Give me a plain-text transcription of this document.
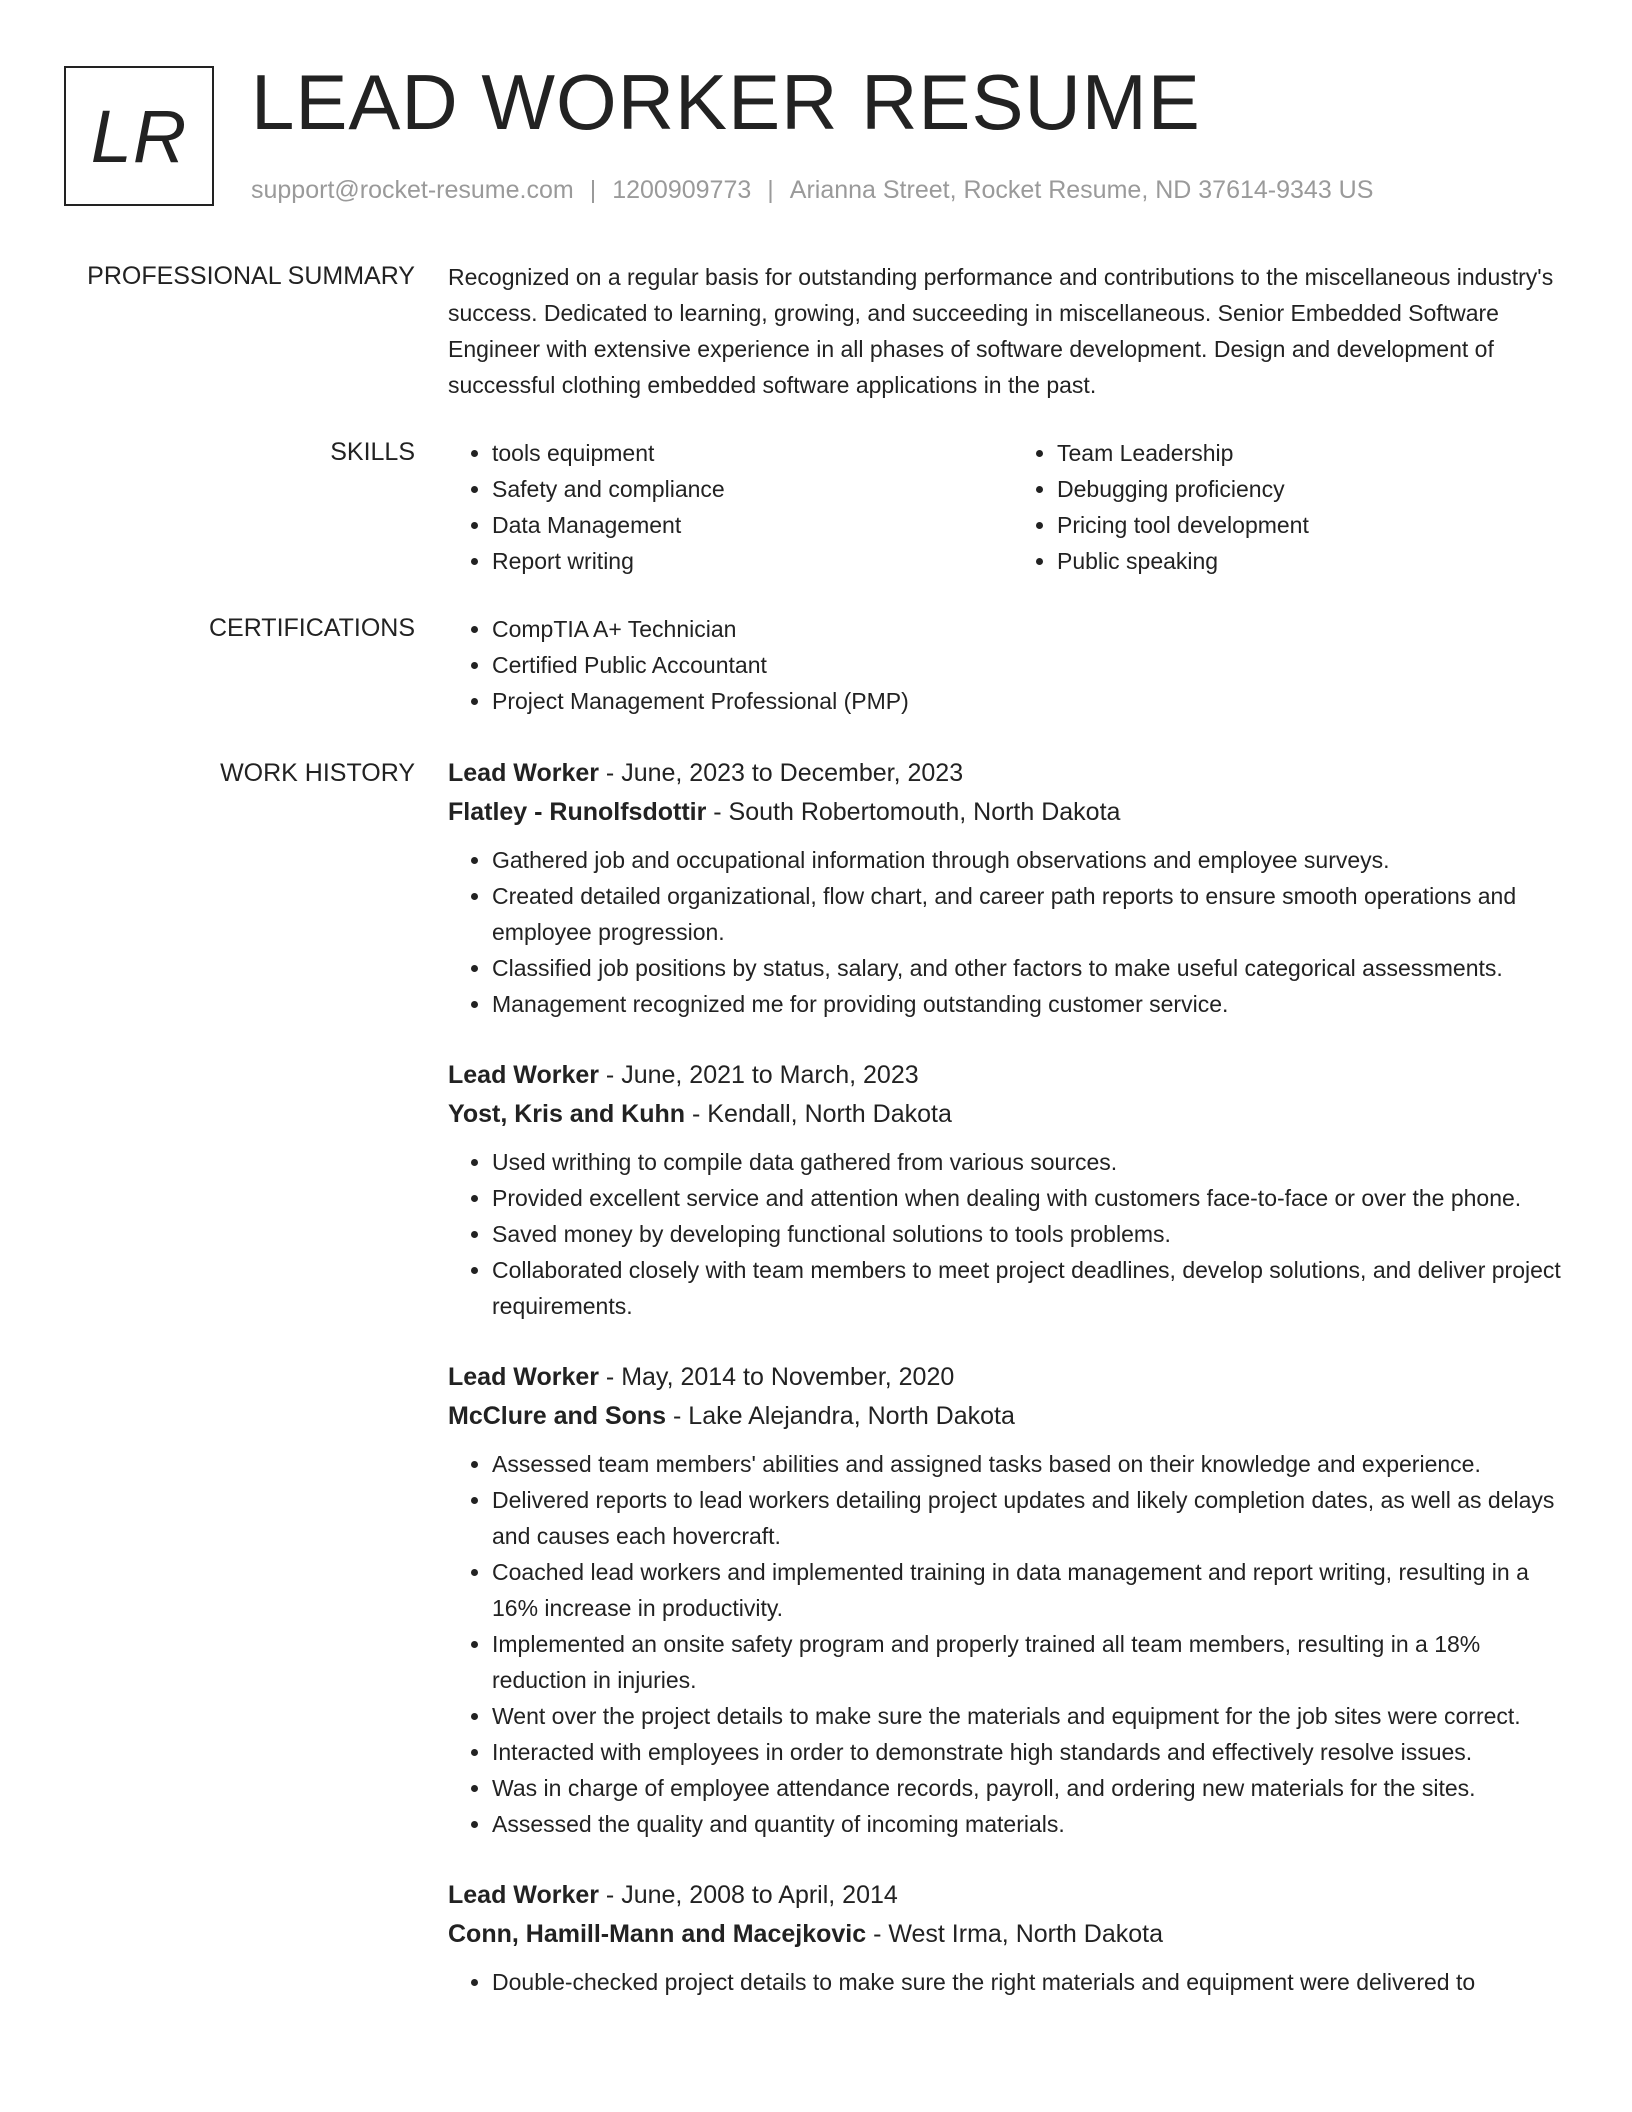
LR LEAD WORKER RESUME
support@rocket-resume.com | 1200909773 | Arianna Street, Rocket Resume, ND 37614-9343 US
PROFESSIONAL SUMMARY Recognized on a regular basis for outstanding performance and contributions to the miscellaneous industry's success. Dedicated to learning, growing, and succeeding in miscellaneous. Senior Embedded Software Engineer with extensive experience in all phases of software development. Design and development of successful clothing embedded software applications in the past.

SKILLS	• tools equipment
• Safety and compliance
• Data Management
• Report writing
• Team Leadership
• Debugging proficiency
• Pricing tool development
• Public speaking
CERTIFICATIONS	• CompTIA A+ Technician
• Certified Public Accountant
• Project Management Professional (PMP)
WORK HISTORY Lead Worker - June, 2023 to December, 2023
Flatley - Runolfsdottir - South Robertomouth, North Dakota
• Gathered job and occupational information through observations and employee surveys.
• Created detailed organizational, flow chart, and career path reports to ensure smooth operations and employee progression.
• Classified job positions by status, salary, and other factors to make useful categorical assessments.
• Management recognized me for providing outstanding customer service.
Lead Worker - June, 2021 to March, 2023
Yost, Kris and Kuhn - Kendall, North Dakota
• Used writhing to compile data gathered from various sources.
• Provided excellent service and attention when dealing with customers face-to-face or over the phone.
• Saved money by developing functional solutions to tools problems.
• Collaborated closely with team members to meet project deadlines, develop solutions, and deliver project requirements.
Lead Worker - May, 2014 to November, 2020
McClure and Sons - Lake Alejandra, North Dakota
• Assessed team members' abilities and assigned tasks based on their knowledge and experience.
• Delivered reports to lead workers detailing project updates and likely completion dates, as well as delays and causes each hovercraft.
• Coached lead workers and implemented training in data management and report writing, resulting in a 16% increase in productivity.
• Implemented an onsite safety program and properly trained all team members, resulting in a 18% reduction in injuries.
• Went over the project details to make sure the materials and equipment for the job sites were correct.
• Interacted with employees in order to demonstrate high standards and effectively resolve issues.
• Was in charge of employee attendance records, payroll, and ordering new materials for the sites.
• Assessed the quality and quantity of incoming materials.
Lead Worker - June, 2008 to April, 2014
Conn, Hamill-Mann and Macejkovic - West Irma, North Dakota
• Double-checked project details to make sure the right materials and equipment were delivered to
